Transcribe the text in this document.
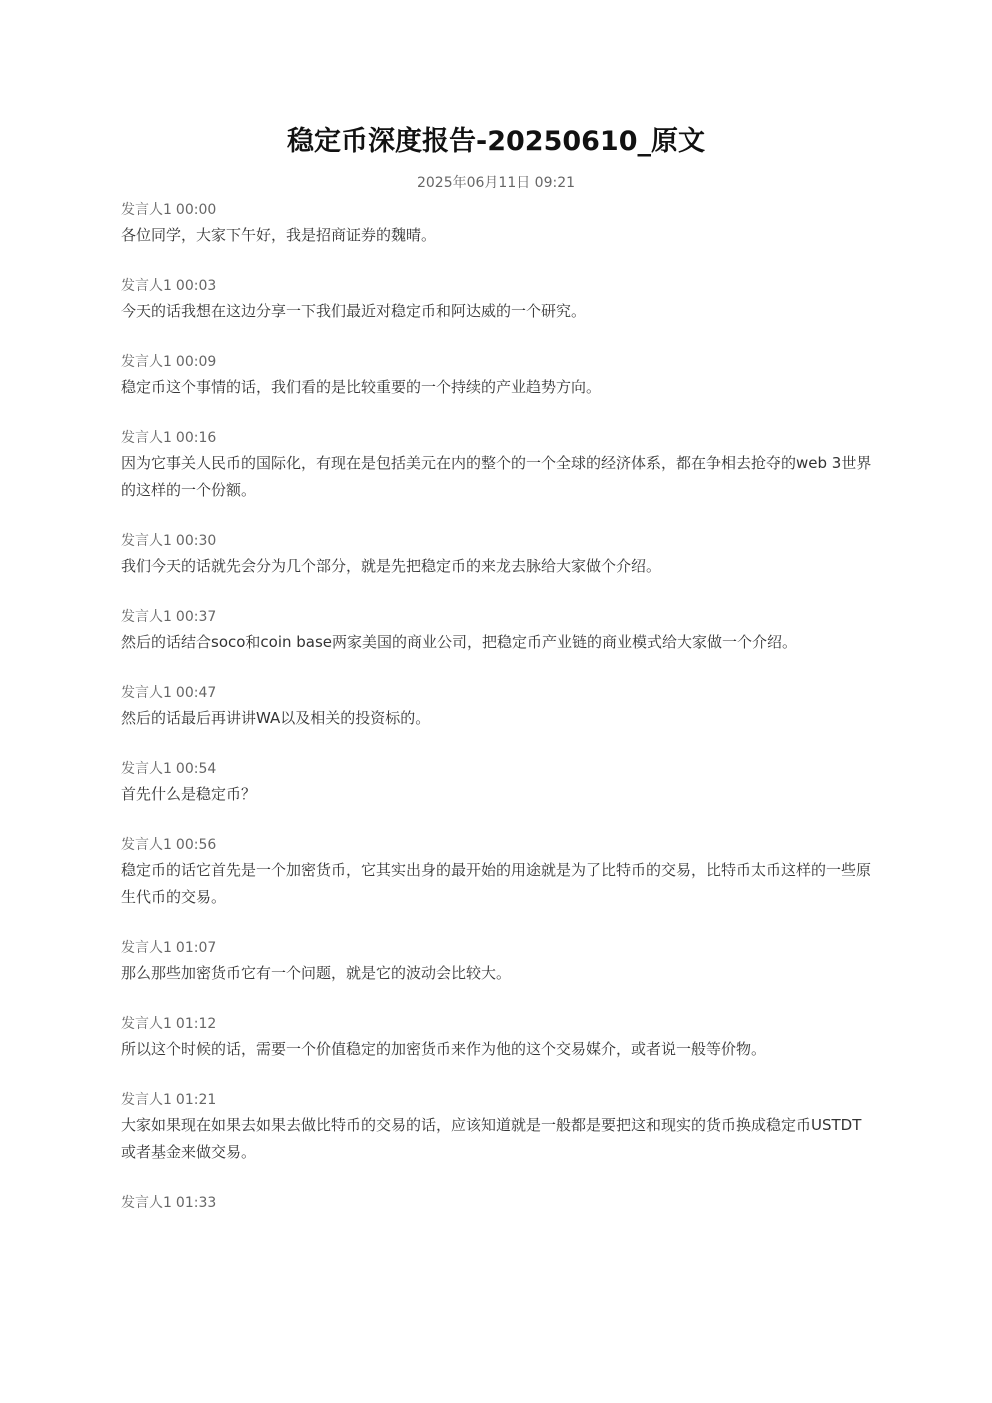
稳定币深度报告-20250610_原文
2025年06月11日 09:21
发言人1 00:00
各位同学，大家下午好，我是招商证券的魏晴。
发言人1 00:03
今天的话我想在这边分享一下我们最近对稳定币和阿达威的一个研究。
发言人1 00:09
稳定币这个事情的话，我们看的是比较重要的一个持续的产业趋势方向。
发言人1 00:16
因为它事关人民币的国际化，有现在是包括美元在内的整个的一个全球的经济体系，都在争相去抢夺的web 3世界的这样的一个份额。
发言人1 00:30
我们今天的话就先会分为几个部分，就是先把稳定币的来龙去脉给大家做个介绍。
发言人1 00:37
然后的话结合soco和coin base两家美国的商业公司，把稳定币产业链的商业模式给大家做一个介绍。
发言人1 00:47
然后的话最后再讲讲WA以及相关的投资标的。
发言人1 00:54
首先什么是稳定币？
发言人1 00:56
稳定币的话它首先是一个加密货币，它其实出身的最开始的用途就是为了比特币的交易，比特币太币这样的一些原生代币的交易。
发言人1 01:07
那么那些加密货币它有一个问题，就是它的波动会比较大。
发言人1 01:12
所以这个时候的话，需要一个价值稳定的加密货币来作为他的这个交易媒介，或者说一般等价物。
发言人1 01:21
大家如果现在如果去如果去做比特币的交易的话，应该知道就是一般都是要把这和现实的货币换成稳定币USTDT或者基金来做交易。
发言人1 01:33
